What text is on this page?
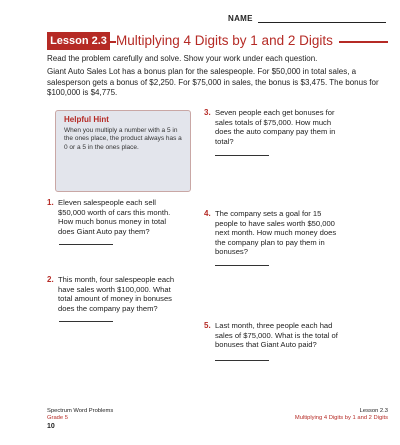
NAME
Lesson 2.3 Multiplying 4 Digits by 1 and 2 Digits
Read the problem carefully and solve. Show your work under each question.
Giant Auto Sales Lot has a bonus plan for the salespeople. For $50,000 in total sales, a salesperson gets a bonus of $2,250. For $75,000 in sales, the bonus is $3,475. The bonus for $100,000 is $4,775.
Helpful Hint
When you multiply a number with a 5 in the ones place, the product always has a 0 or a 5 in the ones place.
1. Eleven salespeople each sell $50,000 worth of cars this month. How much bonus money in total does Giant Auto pay them?
2. This month, four salespeople each have sales worth $100,000. What total amount of money in bonuses does the company pay them?
3. Seven people each get bonuses for sales totals of $75,000. How much does the auto company pay them in total?
4. The company sets a goal for 15 people to have sales worth $50,000 next month. How much money does the company plan to pay them in bonuses?
5. Last month, three people each had sales of $75,000. What is the total of bonuses that Giant Auto paid?
Spectrum Word Problems
Grade 5
10
Lesson 2.3
Multiplying 4 Digits by 1 and 2 Digits
